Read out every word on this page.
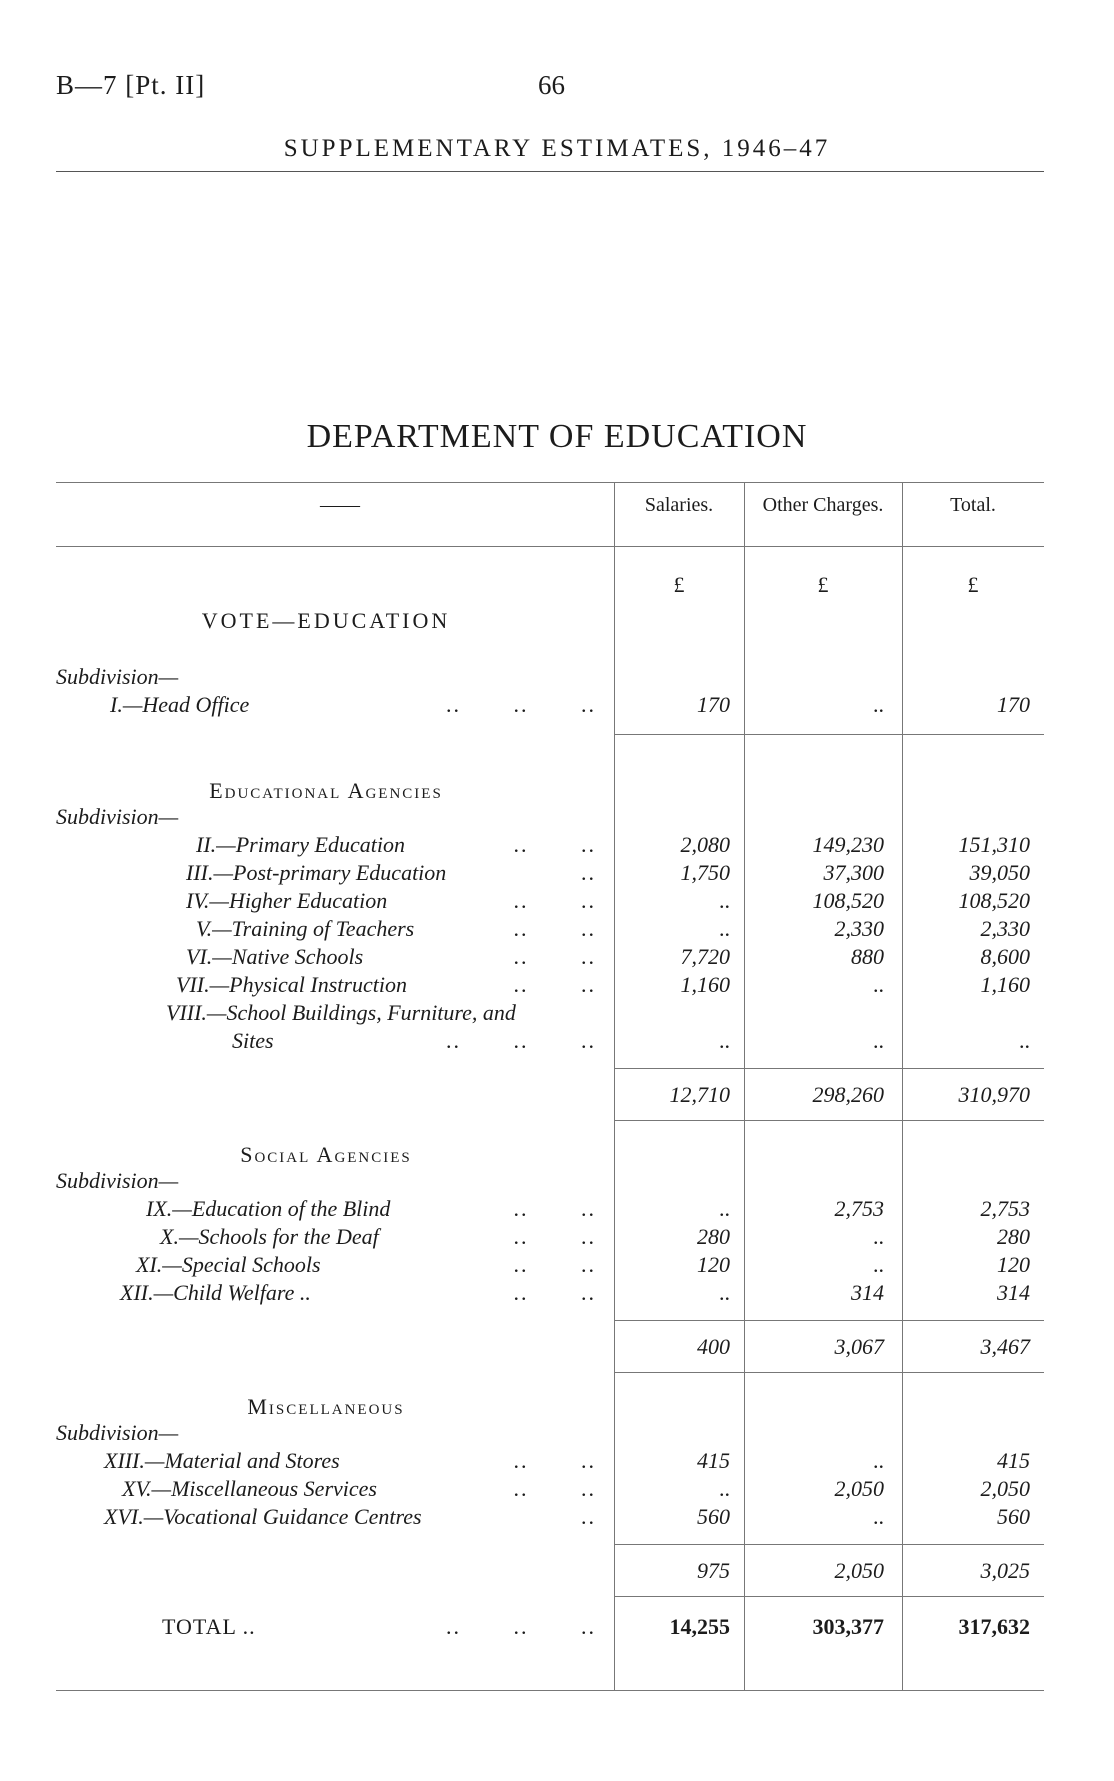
B—7 [Pt. II]	66
SUPPLEMENTARY ESTIMATES, 1946–47
DEPARTMENT OF EDUCATION
——	Salaries.	Other Charges.	Total.
£	£	£
VOTE—EDUCATION
Subdivision—
I.—Head Office	..       ..       ..	170	..	170
Educational Agencies
Subdivision—
II.—Primary Education	..       ..	2,080	149,230	151,310
III.—Post-primary Education	..	1,750	37,300	39,050
IV.—Higher Education	..       ..	..	108,520	108,520
V.—Training of Teachers	..       ..	..	2,330	2,330
VI.—Native Schools	..       ..	7,720	880	8,600
VII.—Physical Instruction	..       ..	1,160	..	1,160
VIII.—School Buildings, Furniture, and
Sites	..       ..       ..	..	..	..
12,710	298,260	310,970
Social Agencies
Subdivision—
IX.—Education of the Blind	..       ..	..	2,753	2,753
X.—Schools for the Deaf	..       ..	280	..	280
XI.—Special Schools	..       ..	120	..	120
XII.—Child Welfare ..	..       ..	..	314	314
400	3,067	3,467
Miscellaneous
Subdivision—
XIII.—Material and Stores	..       ..	415	..	415
XV.—Miscellaneous Services	..       ..	..	2,050	2,050
XVI.—Vocational Guidance Centres	..	560	..	560
975	2,050	3,025
TOTAL ..	..       ..       ..	14,255	303,377	317,632
